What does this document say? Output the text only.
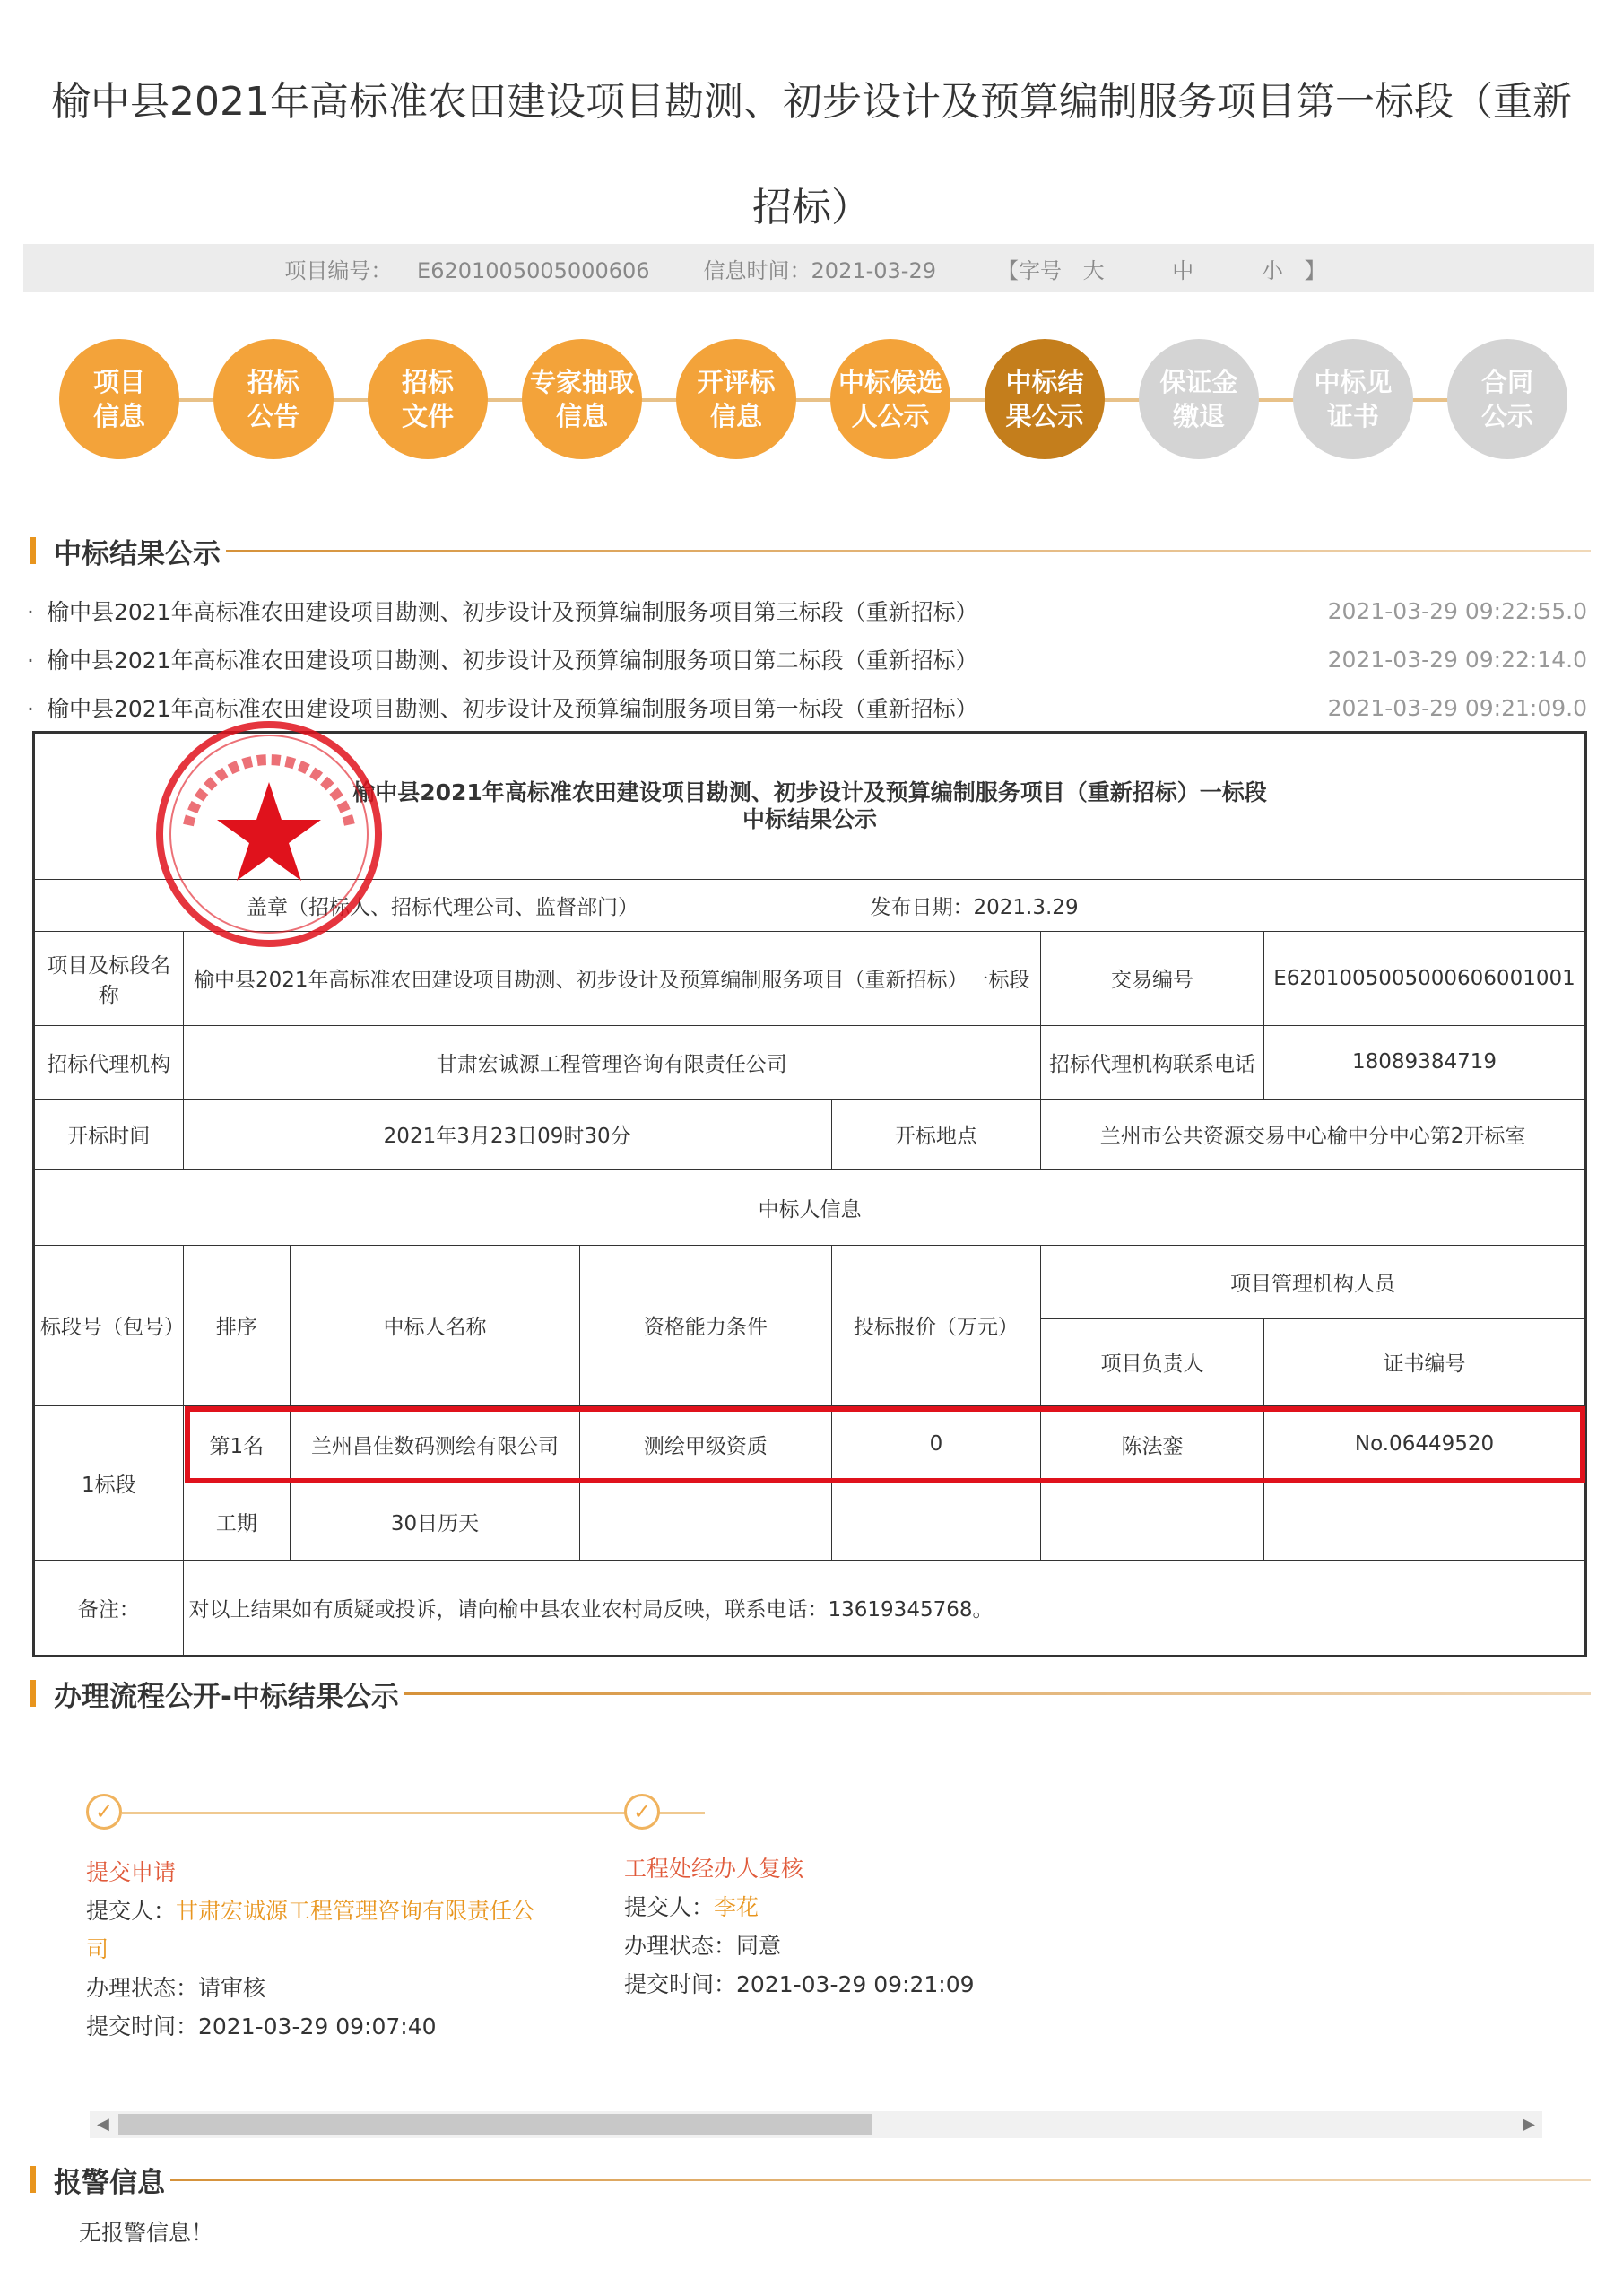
榆中县2021年高标准农田建设项目勘测、初步设计及预算编制服务项目第一标段（重新招标）
项目编号： E6201005005000606	信息时间：2021-03-29	【字号 大	中	小 】
项目
信息
招标
公告
招标
文件
专家抽取
信息
开评标
信息
中标候选
人公示
中标结
果公示
保证金
缴退
中标见
证书
合同
公示
中标结果公示
· 榆中县2021年高标准农田建设项目勘测、初步设计及预算编制服务项目第三标段（重新招标）	2021-03-29 09:22:55.0
· 榆中县2021年高标准农田建设项目勘测、初步设计及预算编制服务项目第二标段（重新招标）	2021-03-29 09:22:14.0
· 榆中县2021年高标准农田建设项目勘测、初步设计及预算编制服务项目第一标段（重新招标）	2021-03-29 09:21:09.0
榆中县2021年高标准农田建设项目勘测、初步设计及预算编制服务项目（重新招标）一标段
中标结果公示

盖章（招标人、招标代理公司、监督部门）	发布日期：2021.3.29
项目及标段名称	榆中县2021年高标准农田建设项目勘测、初步设计及预算编制服务项目（重新招标）一标段	交易编号	E6201005005000606001001
招标代理机构	甘肃宏诚源工程管理咨询有限责任公司	招标代理机构联系电话	18089384719
开标时间	2021年3月23日09时30分	开标地点	兰州市公共资源交易中心榆中分中心第2开标室
中标人信息
标段号（包号）	排序	中标人名称	资格能力条件	投标报价（万元）	项目管理机构人员
项目负责人	证书编号
1标段	第1名	兰州昌佳数码测绘有限公司	测绘甲级资质	0	陈法銮	No.06449520
工期	30日历天				
备注：	对以上结果如有质疑或投诉，请向榆中县农业农村局反映，联系电话：13619345768。
办理流程公开-中标结果公示
✓	✓
提交申请
提交人：甘肃宏诚源工程管理咨询有限责任公
司
办理状态：请审核
提交时间：2021-03-29 09:07:40
工程处经办人复核
提交人：李花
办理状态：同意
提交时间：2021-03-29 09:21:09
◀	▶
报警信息
无报警信息！
